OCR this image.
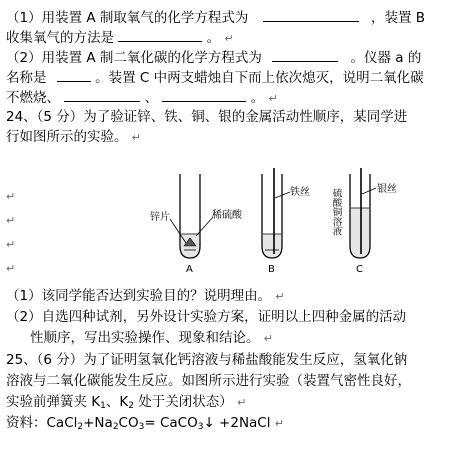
（1）用装置 A 制取氧气的化学方程式为	，装置 B
收集氧气的方法是	。 ↵
（2）用装置 A 制二氧化碳的化学方程式为	。仪器 a 的
名称是	。装置 C 中两支蜡烛自下而上依次熄灭，说明二氧化碳
不燃烧、	、	。 ↵
24、（5 分）为了验证锌、铁、铜、银的金属活动性顺序，某同学进
行如图所示的实验。 ↵
↵
↵
↵
↵
锌片	稀硫酸
A
铁丝
B
硫酸铜溶液	银丝
C
（1）该同学能否达到实验目的？说明理由。 ↵
（2）自选四种试剂，另外设计实验方案，证明以上四种金属的活动
性顺序，写出实验操作、现象和结论。 ↵
25、（6 分）为了证明氢氧化钙溶液与稀盐酸能发生反应，氢氧化钠
溶液与二氧化碳能发生反应。如图所示进行实验（装置气密性良好，
实验前弹簧夹 $K_1$、$K_2$ 处于关闭状态） ↵
资料：$CaCl_2+Na_2CO_3=$ CaCO$_3$↓ +2NaCl ↵
